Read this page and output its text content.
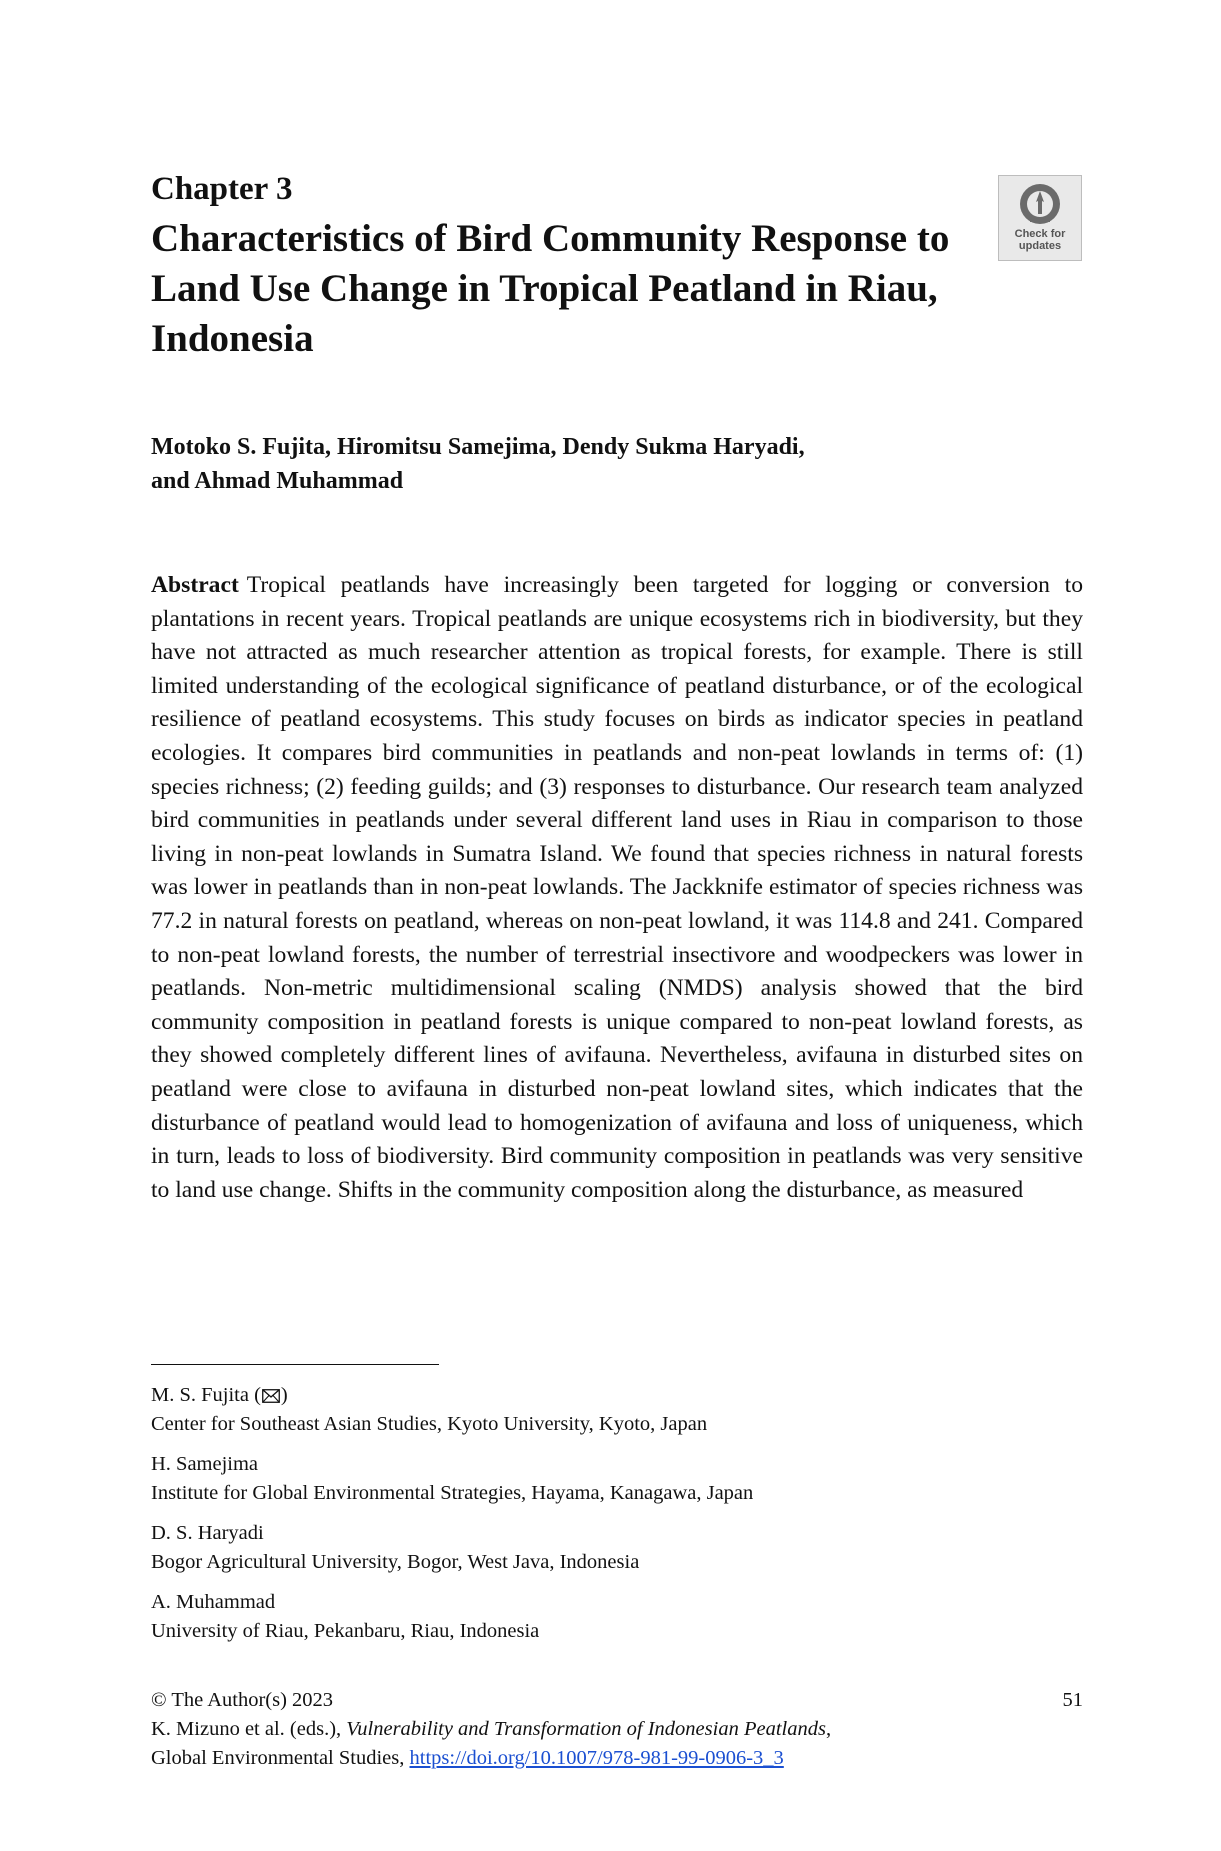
Chapter 3
Characteristics of Bird Community Response to Land Use Change in Tropical Peatland in Riau, Indonesia
Check for
updates
Motoko S. Fujita, Hiromitsu Samejima, Dendy Sukma Haryadi,
and Ahmad Muhammad

Abstract Tropical peatlands have increasingly been targeted for logging or conversion to plantations in recent years. Tropical peatlands are unique ecosystems rich in biodiversity, but they have not attracted as much researcher attention as tropical forests, for example. There is still limited understanding of the ecological significance of peatland disturbance, or of the ecological resilience of peatland ecosystems. This study focuses on birds as indicator species in peatland ecologies. It compares bird communities in peatlands and non-peat lowlands in terms of: (1) species richness; (2) feeding guilds; and (3) responses to disturbance. Our research team analyzed bird communities in peatlands under several different land uses in Riau in comparison to those living in non-peat lowlands in Sumatra Island. We found that species richness in natural forests was lower in peatlands than in non-peat lowlands. The Jackknife estimator of species richness was 77.2 in natural forests on peatland, whereas on non-peat lowland, it was 114.8 and 241. Compared to non-peat lowland forests, the number of terrestrial insectivore and woodpeckers was lower in peatlands. Non-metric multidimensional scaling (NMDS) analysis showed that the bird community composition in peatland forests is unique compared to non-peat lowland forests, as they showed completely different lines of avifauna. Nevertheless, avifauna in disturbed sites on peatland were close to avifauna in disturbed non-peat lowland sites, which indicates that the disturbance of peatland would lead to homogenization of avifauna and loss of uniqueness, which in turn, leads to loss of biodiversity. Bird community composition in peatlands was very sensitive to land use change. Shifts in the community composition along the disturbance, as measured

M. S. Fujita ( )
Center for Southeast Asian Studies, Kyoto University, Kyoto, Japan
H. Samejima
Institute for Global Environmental Strategies, Hayama, Kanagawa, Japan
D. S. Haryadi
Bogor Agricultural University, Bogor, West Java, Indonesia
A. Muhammad
University of Riau, Pekanbaru, Riau, Indonesia
© The Author(s) 2023	51
K. Mizuno et al. (eds.), Vulnerability and Transformation of Indonesian Peatlands,
Global Environmental Studies, https://doi.org/10.1007/978-981-99-0906-3_3
